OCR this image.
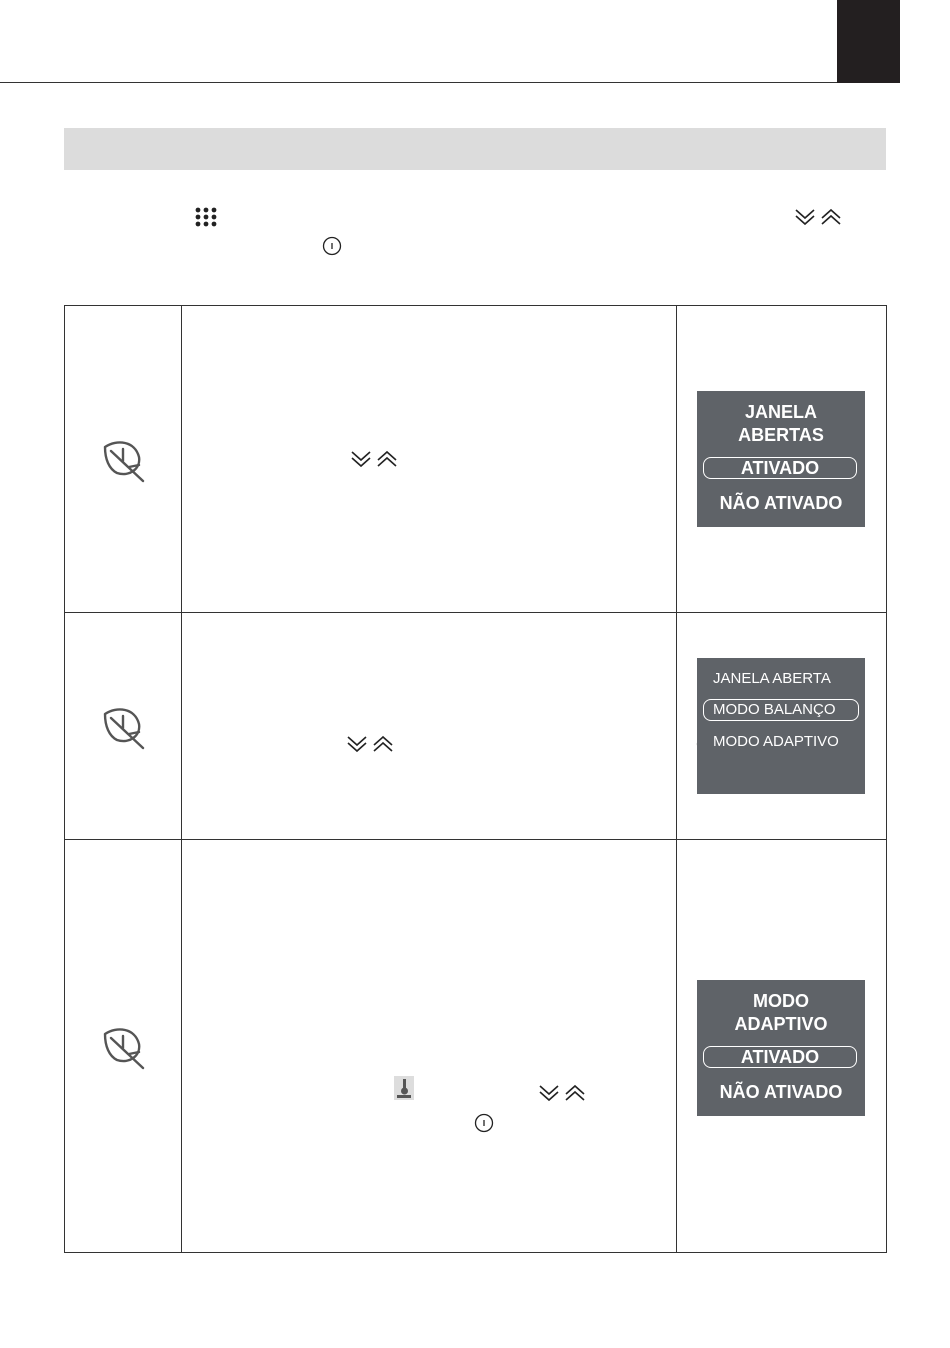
JANELA
ABERTAS
ATIVADO
NÃO ATIVADO

JANELA ABERTA
MODO BALANÇO
MODO ADAPTIVO

MODO
ADAPTIVO
ATIVADO
NÃO ATIVADO
